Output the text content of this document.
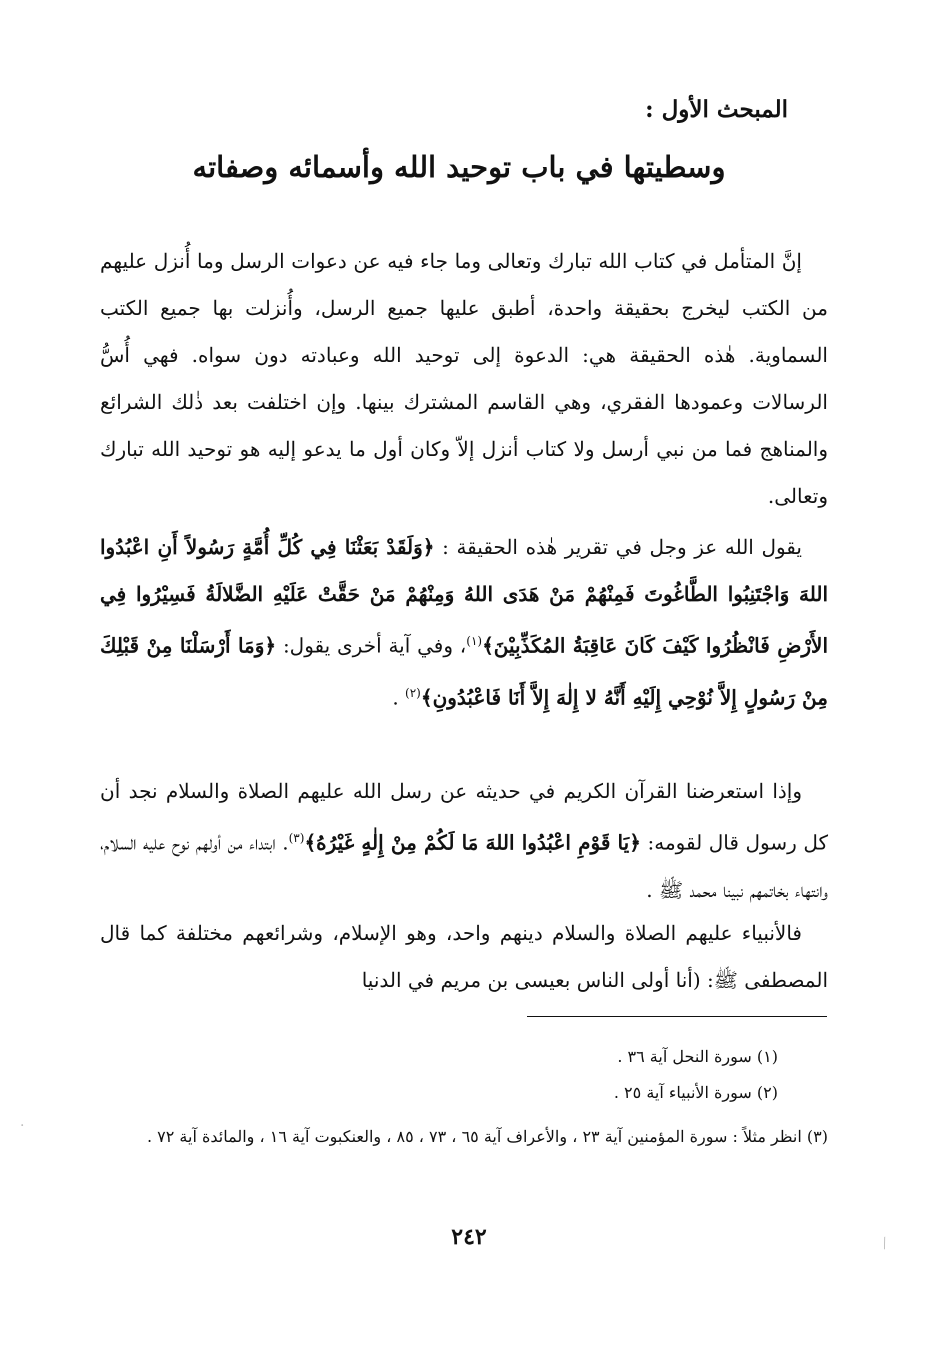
المبحث الأول :
وسطيتها في باب توحيد الله وأسمائه وصفاته
إنَّ المتأمل في كتاب الله تبارك وتعالى وما جاء فيه عن دعوات الرسل وما أُنزل عليهم من الكتب ليخرج بحقيقة واحدة، أطبق عليها جميع الرسل، وأُنزلت بها جميع الكتب السماوية. هٰذه الحقيقة هي: الدعوة إلى توحيد الله وعبادته دون سواه. فهي أُسُّ الرسالات وعمودها الفقري، وهي القاسم المشترك بينها. وإن اختلفت بعد ذٰلك الشرائع والمناهج فما من نبي أرسل ولا كتاب أنزل إلاّ وكان أول ما يدعو إليه هو توحيد الله تبارك وتعالى.
يقول الله عز وجل في تقرير هٰذه الحقيقة : ﴿وَلَقَدْ بَعَثْنَا فِي كُلِّ أُمَّةٍ رَسُولاً أَنِ اعْبُدُوا اللهَ وَاجْتَنِبُوا الطَّاغُوتَ فَمِنْهُمْ مَنْ هَدَى اللهُ وَمِنْهُمْ مَنْ حَقَّتْ عَلَيْهِ الضَّلالَةُ فَسِيْرُوا فِي الأَرْضِ فَانْظُرُوا كَيْفَ كَانَ عَاقِبَةُ المُكَذِّبِيْنَ﴾$^{(١)}$، وفي آية أخرى يقول: ﴿وَمَا أَرْسَلْنَا مِنْ قَبْلِكَ مِنْ رَسُولٍ إِلاَّ نُوْحِي إِلَيْهِ أَنَّهُ لا إِلٰهَ إِلاَّ أَنَا فَاعْبُدُونِ﴾$^{(٢)}$ .
وإذا استعرضنا القرآن الكريم في حديثه عن رسل الله عليهم الصلاة والسلام نجد أن كل رسول قال لقومه: ﴿يَا قَوْمِ اعْبُدُوا اللهَ مَا لَكُمْ مِنْ إِلٰهٍ غَيْرُهُ﴾$^{(٣)}$. ابتداء من أولهم نوح عليه السلام، وانتهاء بخاتمهم نبينا محمد ﷺ .
فالأنبياء عليهم الصلاة والسلام دينهم واحد، وهو الإسلام، وشرائعهم مختلفة كما قال المصطفى ﷺ: (أنا أولى الناس بعيسى بن مريم في الدنيا
(١) سورة النحل آية ٣٦ .
(٢) سورة الأنبياء آية ٢٥ .
(٣) انظر مثلاً : سورة المؤمنين آية ٢٣ ، والأعراف آية ٦٥ ، ٧٣ ، ٨٥ ، والعنكبوت آية ١٦ ، والمائدة آية ٧٢ .
٢٤٢
·
⁄
